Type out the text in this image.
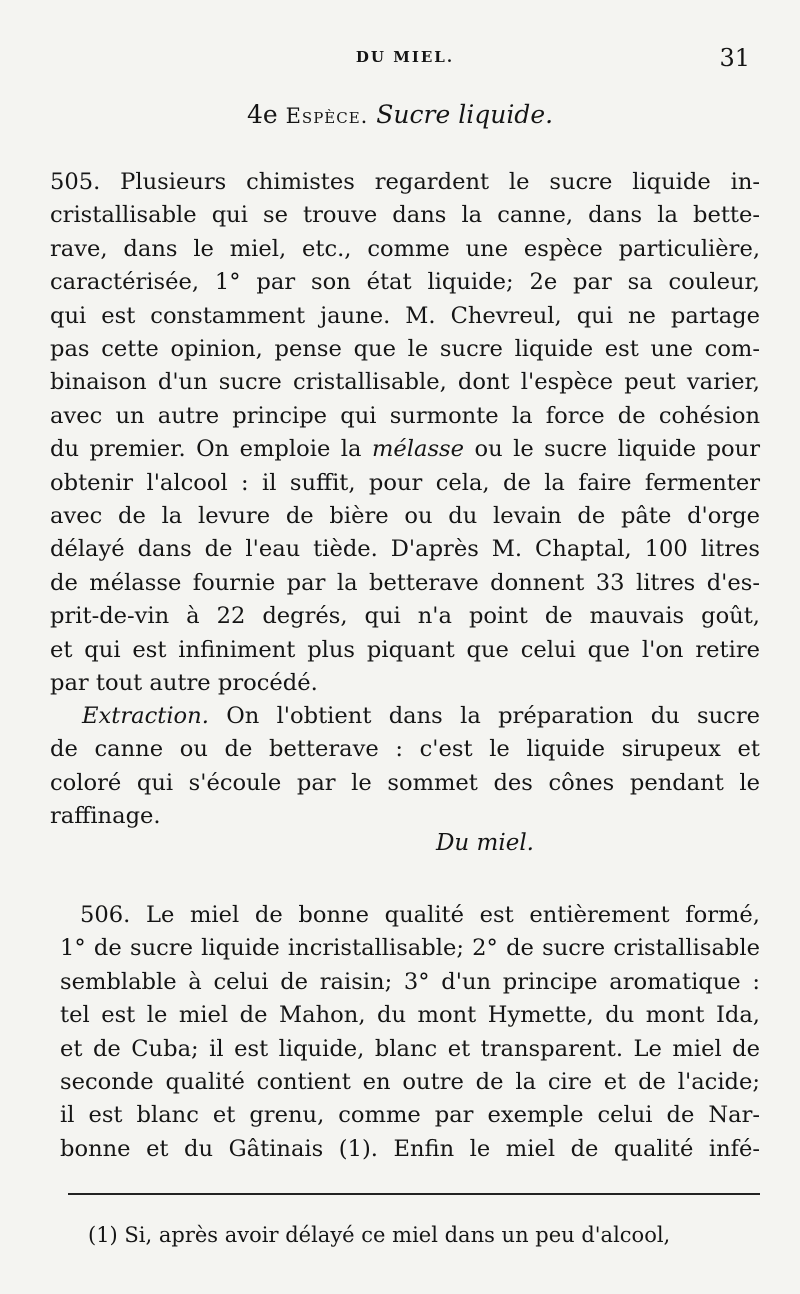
DU MIEL.	31
4e Espèce. Sucre liquide.
505. Plusieurs chimistes regardent le sucre liquide in-
cristallisable qui se trouve dans la canne, dans la bette-
rave, dans le miel, etc., comme une espèce particulière,
caractérisée, 1° par son état liquide; 2e par sa couleur,
qui est constamment jaune. M. Chevreul, qui ne partage
pas cette opinion, pense que le sucre liquide est une com-
binaison d'un sucre cristallisable, dont l'espèce peut varier,
avec un autre principe qui surmonte la force de cohésion
du premier. On emploie la mélasse ou le sucre liquide pour
obtenir l'alcool : il suffit, pour cela, de la faire fermenter
avec de la levure de bière ou du levain de pâte d'orge
délayé dans de l'eau tiède. D'après M. Chaptal, 100 litres
de mélasse fournie par la betterave donnent 33 litres d'es-
prit-de-vin à 22 degrés, qui n'a point de mauvais goût,
et qui est infiniment plus piquant que celui que l'on retire
par tout autre procédé.
Extraction. On l'obtient dans la préparation du sucre
de canne ou de betterave : c'est le liquide sirupeux et
coloré qui s'écoule par le sommet des cônes pendant le
raffinage.
Du miel.
506. Le miel de bonne qualité est entièrement formé,
1° de sucre liquide incristallisable; 2° de sucre cristallisable
semblable à celui de raisin; 3° d'un principe aromatique :
tel est le miel de Mahon, du mont Hymette, du mont Ida,
et de Cuba; il est liquide, blanc et transparent. Le miel de
seconde qualité contient en outre de la cire et de l'acide;
il est blanc et grenu, comme par exemple celui de Nar-
bonne et du Gâtinais (1). Enfin le miel de qualité infé-
(1) Si, après avoir délayé ce miel dans un peu d'alcool,
